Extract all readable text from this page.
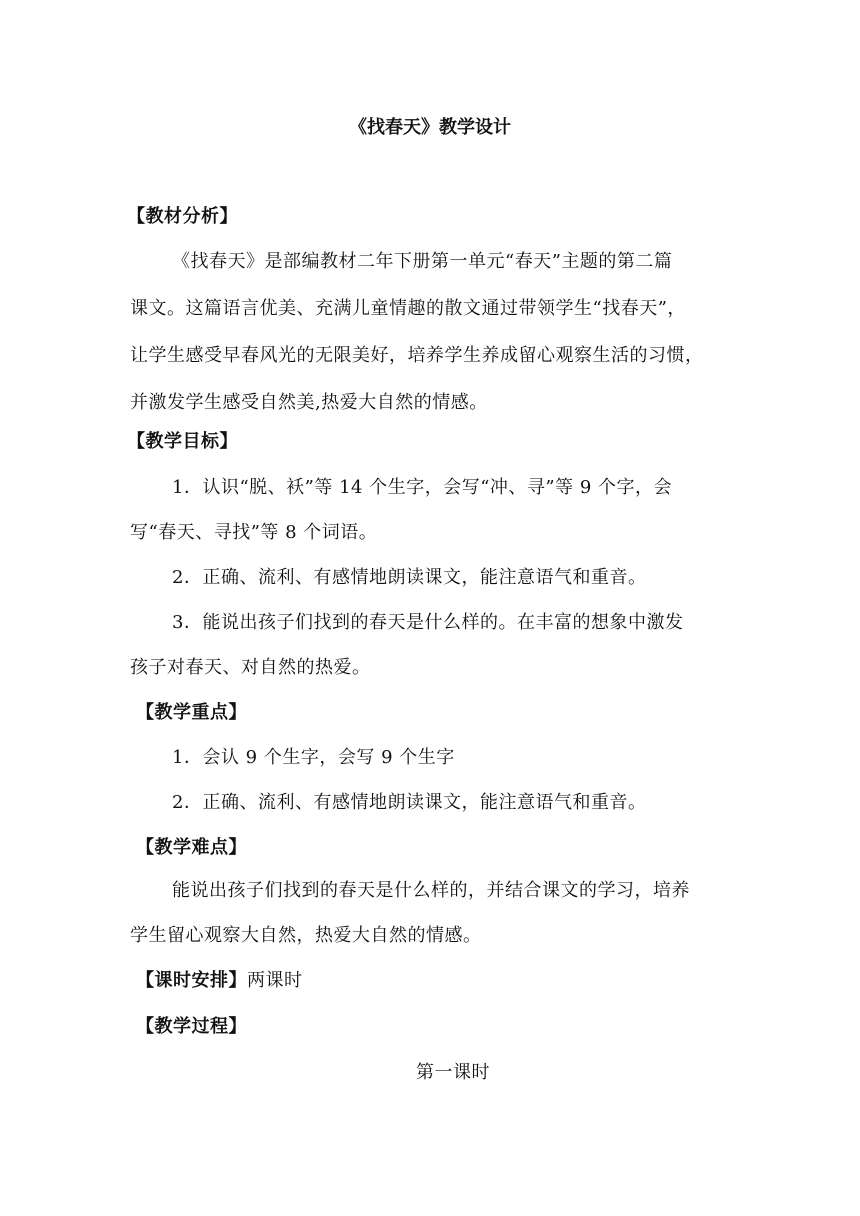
《找春天》教学设计
【教材分析】
《找春天》是部编教材二年下册第一单元“春天”主题的第二篇
课文。这篇语言优美、充满儿童情趣的散文通过带领学生“找春天”，
让学生感受早春风光的无限美好，培养学生养成留心观察生活的习惯，
并激发学生感受自然美,热爱大自然的情感。
【教学目标】
1．认识“脱、袄”等 14 个生字，会写“冲、寻”等 9 个字，会
写“春天、寻找”等 8 个词语。
2．正确、流利、有感情地朗读课文，能注意语气和重音。
3．能说出孩子们找到的春天是什么样的。在丰富的想象中激发
孩子对春天、对自然的热爱。
【教学重点】
1．会认 9 个生字，会写 9 个生字
2．正确、流利、有感情地朗读课文，能注意语气和重音。
【教学难点】
能说出孩子们找到的春天是什么样的，并结合课文的学习，培养
学生留心观察大自然，热爱大自然的情感。
【课时安排】两课时
【教学过程】
第一课时
